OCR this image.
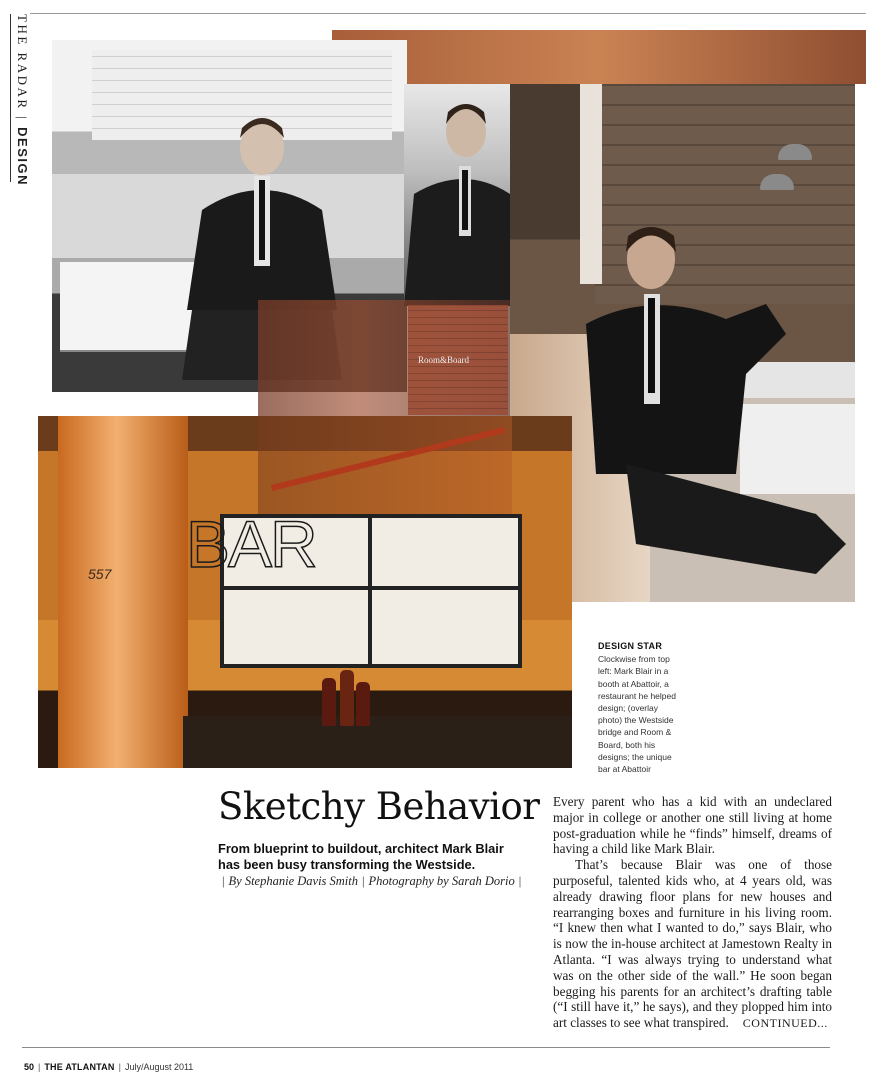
THE RADAR | DESIGN
Room&Board
557 BAR
DESIGN STAR
Clockwise from top left: Mark Blair in a booth at Abattoir, a restaurant he helped design; (overlay photo) the Westside bridge and Room & Board, both his designs; the unique bar at Abattoir
Sketchy Behavior
From blueprint to buildout, architect Mark Blair has been busy transforming the Westside.
| By Stephanie Davis Smith | Photography by Sarah Dorio |

Every parent who has a kid with an undeclared major in college or another one still living at home post-graduation while he “finds” himself, dreams of having a child like Mark Blair.

That’s because Blair was one of those purposeful, talented kids who, at 4 years old, was already drawing floor plans for new houses and rearranging boxes and furniture in his living room. “I knew then what I wanted to do,” says Blair, who is now the in-house architect at Jamestown Realty in Atlanta. “I was always trying to understand what was on the other side of the wall.” He soon began begging his parents for an architect’s drafting table (“I still have it,” he says), and they plopped him into art classes to see what transpired. CONTINUED...

50 | THE ATLANTAN | July/August 2011
